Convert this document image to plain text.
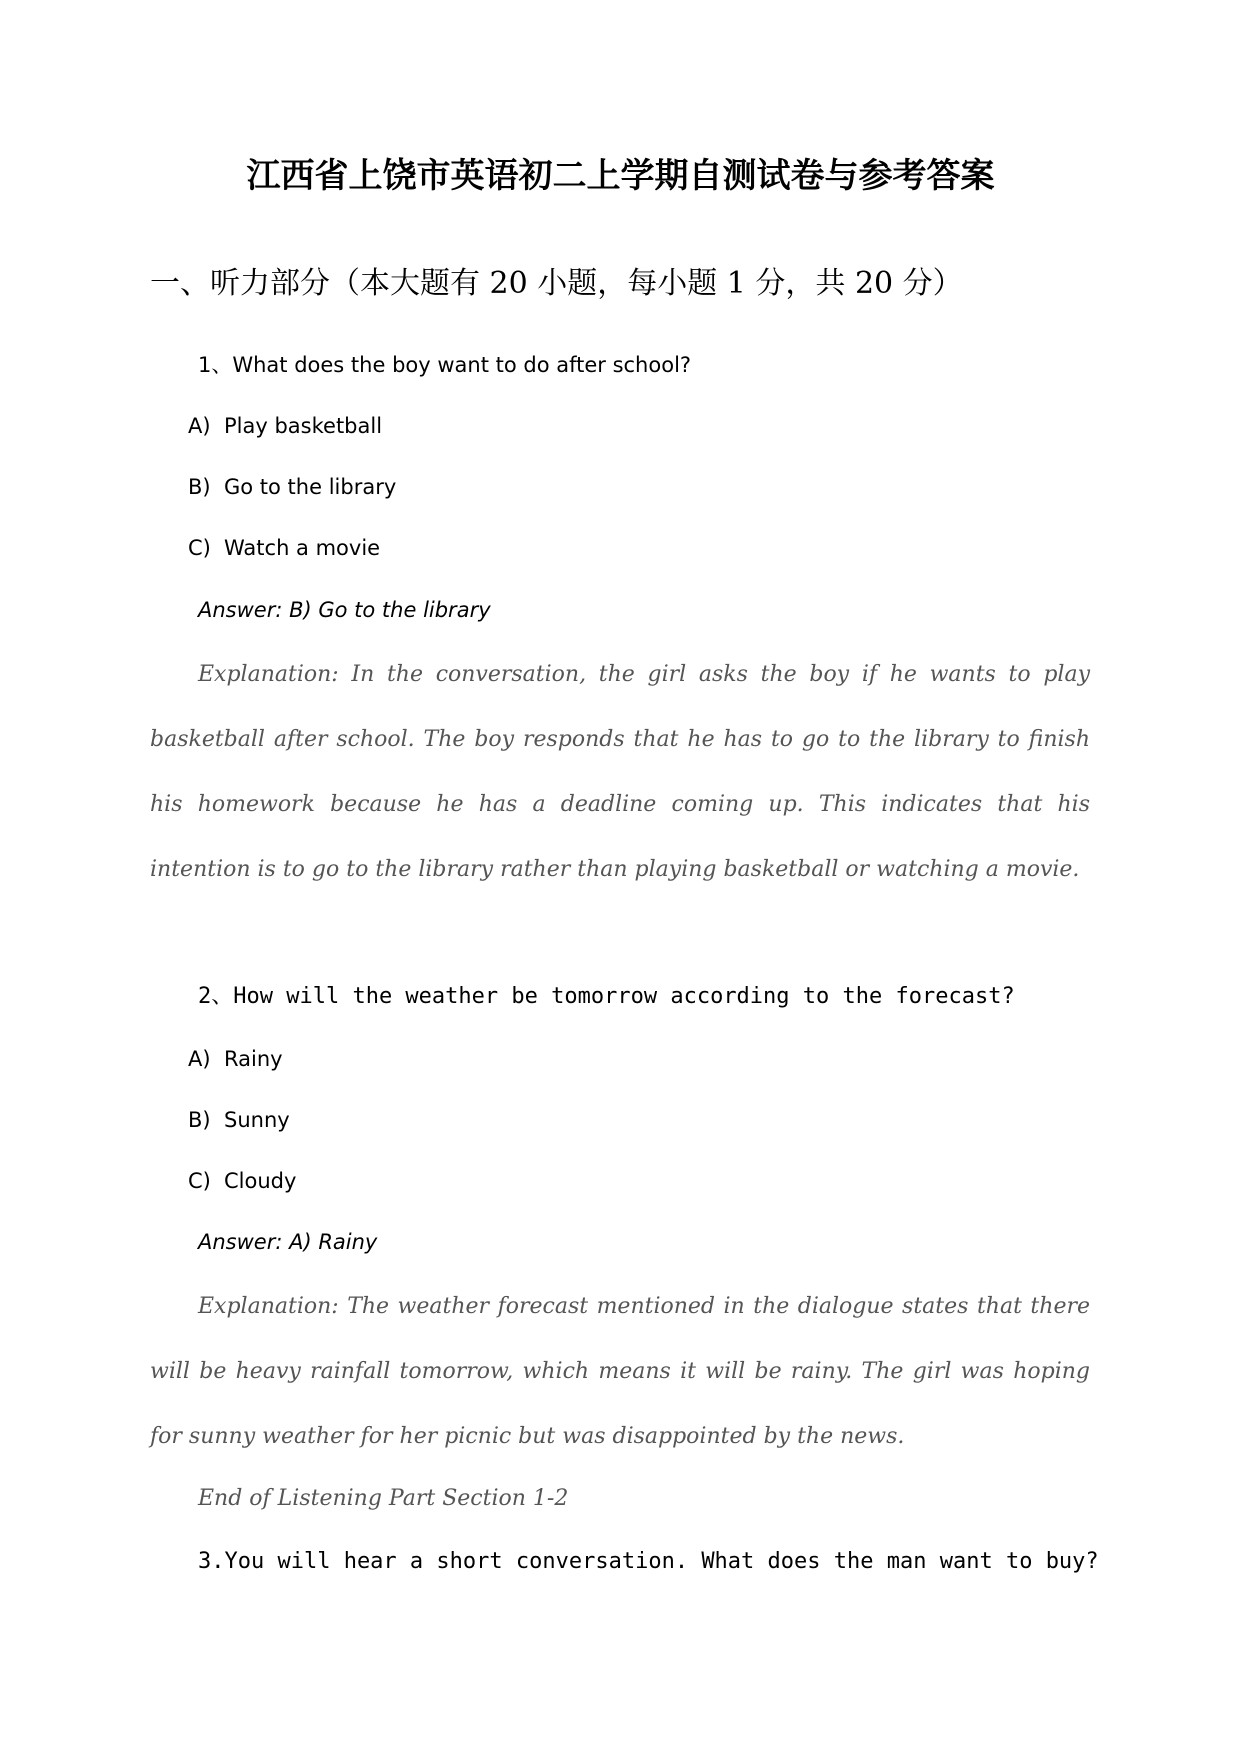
江西省上饶市英语初二上学期自测试卷与参考答案
一、听力部分（本大题有 20 小题，每小题 1 分，共 20 分）

1、What does the boy want to do after school?

A) Play basketball

B) Go to the library

C) Watch a movie

Answer: B) Go to the library

Explanation: In the conversation, the girl asks the boy if he wants to play basketball after school. The boy responds that he has to go to the library to finish his homework because he has a deadline coming up. This indicates that his intention is to go to the library rather than playing basketball or watching a movie.

2、How will the weather be tomorrow according to the forecast?

A) Rainy

B) Sunny

C) Cloudy

Answer: A) Rainy

Explanation: The weather forecast mentioned in the dialogue states that there will be heavy rainfall tomorrow, which means it will be rainy. The girl was hoping for sunny weather for her picnic but was disappointed by the news.

End of Listening Part Section 1-2

3.You will hear a short conversation. What does the man want to buy?
